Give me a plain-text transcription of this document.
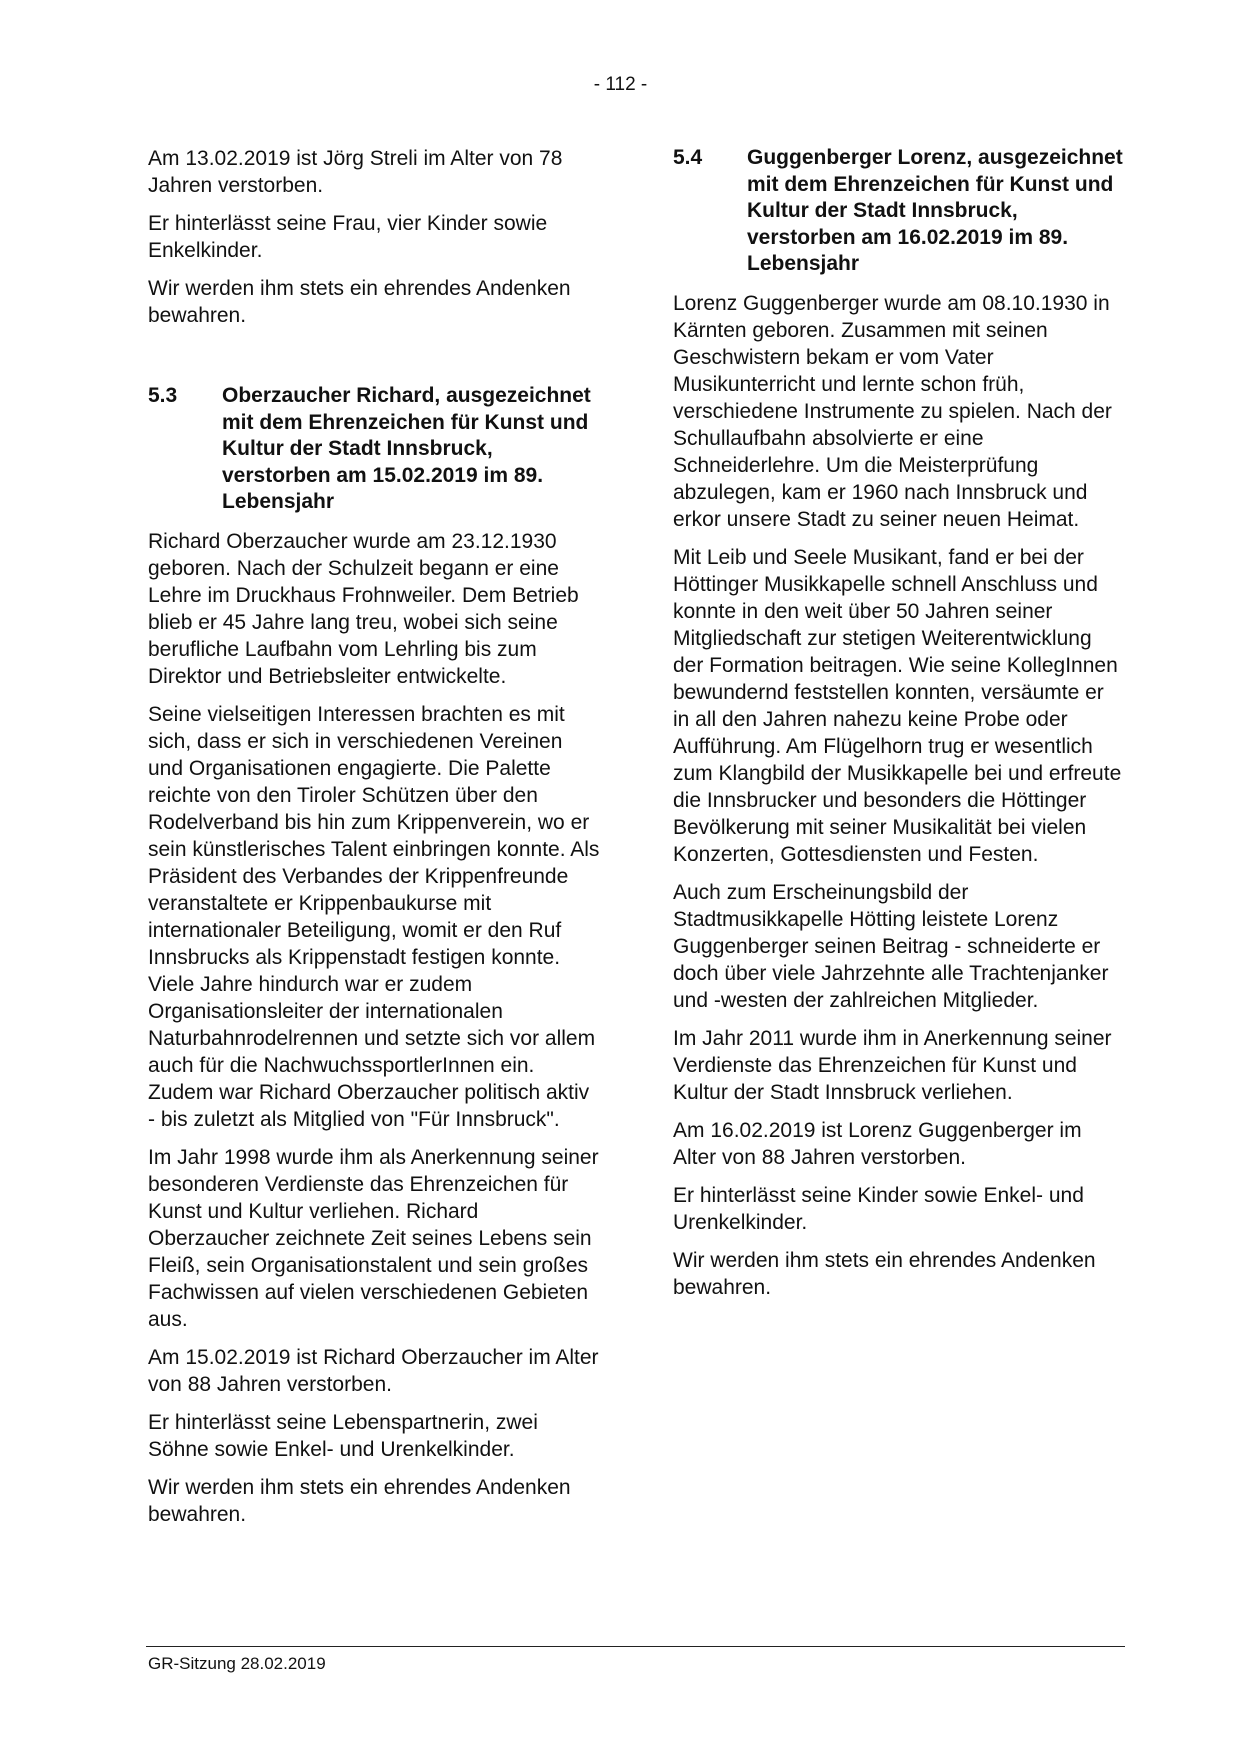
- 112 -

Am 13.02.2019 ist Jörg Streli im Alter von 78 Jahren verstorben.

Er hinterlässt seine Frau, vier Kinder sowie Enkelkinder.

Wir werden ihm stets ein ehrendes Andenken bewahren.

5.3	Oberzaucher Richard, ausgezeichnet mit dem Ehrenzeichen für Kunst und Kultur der Stadt Innsbruck, verstorben am 15.02.2019 im 89. Lebensjahr

Richard Oberzaucher wurde am 23.12.1930 geboren. Nach der Schulzeit begann er eine Lehre im Druckhaus Frohnweiler. Dem Betrieb blieb er 45 Jahre lang treu, wobei sich seine berufliche Laufbahn vom Lehrling bis zum Direktor und Betriebsleiter entwickelte.

Seine vielseitigen Interessen brachten es mit sich, dass er sich in verschiedenen Vereinen und Organisationen engagierte. Die Palette reichte von den Tiroler Schützen über den Rodelverband bis hin zum Krippenverein, wo er sein künstlerisches Talent einbringen konnte. Als Präsident des Verbandes der Krippenfreunde veranstaltete er Krippenbaukurse mit internationaler Beteiligung, womit er den Ruf Innsbrucks als Krippenstadt festigen konnte. Viele Jahre hindurch war er zudem Organisationsleiter der internationalen Naturbahnrodelrennen und setzte sich vor allem auch für die NachwuchssportlerInnen ein. Zudem war Richard Oberzaucher politisch aktiv - bis zuletzt als Mitglied von "Für Innsbruck".

Im Jahr 1998 wurde ihm als Anerkennung seiner besonderen Verdienste das Ehrenzeichen für Kunst und Kultur verliehen. Richard Oberzaucher zeichnete Zeit seines Lebens sein Fleiß, sein Organisationstalent und sein großes Fachwissen auf vielen verschiedenen Gebieten aus.

Am 15.02.2019 ist Richard Oberzaucher im Alter von 88 Jahren verstorben.

Er hinterlässt seine Lebenspartnerin, zwei Söhne sowie Enkel- und Urenkelkinder.

Wir werden ihm stets ein ehrendes Andenken bewahren.

5.4	Guggenberger Lorenz, ausgezeichnet mit dem Ehrenzeichen für Kunst und Kultur der Stadt Innsbruck, verstorben am 16.02.2019 im 89. Lebensjahr

Lorenz Guggenberger wurde am 08.10.1930 in Kärnten geboren. Zusammen mit seinen Geschwistern bekam er vom Vater Musikunterricht und lernte schon früh, verschiedene Instrumente zu spielen. Nach der Schullaufbahn absolvierte er eine Schneiderlehre. Um die Meisterprüfung abzulegen, kam er 1960 nach Innsbruck und erkor unsere Stadt zu seiner neuen Heimat.

Mit Leib und Seele Musikant, fand er bei der Höttinger Musikkapelle schnell Anschluss und konnte in den weit über 50 Jahren seiner Mitgliedschaft zur stetigen Weiterentwicklung der Formation beitragen. Wie seine KollegInnen bewundernd feststellen konnten, versäumte er in all den Jahren nahezu keine Probe oder Aufführung. Am Flügelhorn trug er wesentlich zum Klangbild der Musikkapelle bei und erfreute die Innsbrucker und besonders die Höttinger Bevölkerung mit seiner Musikalität bei vielen Konzerten, Gottesdiensten und Festen.

Auch zum Erscheinungsbild der Stadtmusikkapelle Hötting leistete Lorenz Guggenberger seinen Beitrag - schneiderte er doch über viele Jahrzehnte alle Trachtenjanker und -westen der zahlreichen Mitglieder.

Im Jahr 2011 wurde ihm in Anerkennung seiner Verdienste das Ehrenzeichen für Kunst und Kultur der Stadt Innsbruck verliehen.

Am 16.02.2019 ist Lorenz Guggenberger im Alter von 88 Jahren verstorben.

Er hinterlässt seine Kinder sowie Enkel- und Urenkelkinder.

Wir werden ihm stets ein ehrendes Andenken bewahren.

GR-Sitzung 28.02.2019
